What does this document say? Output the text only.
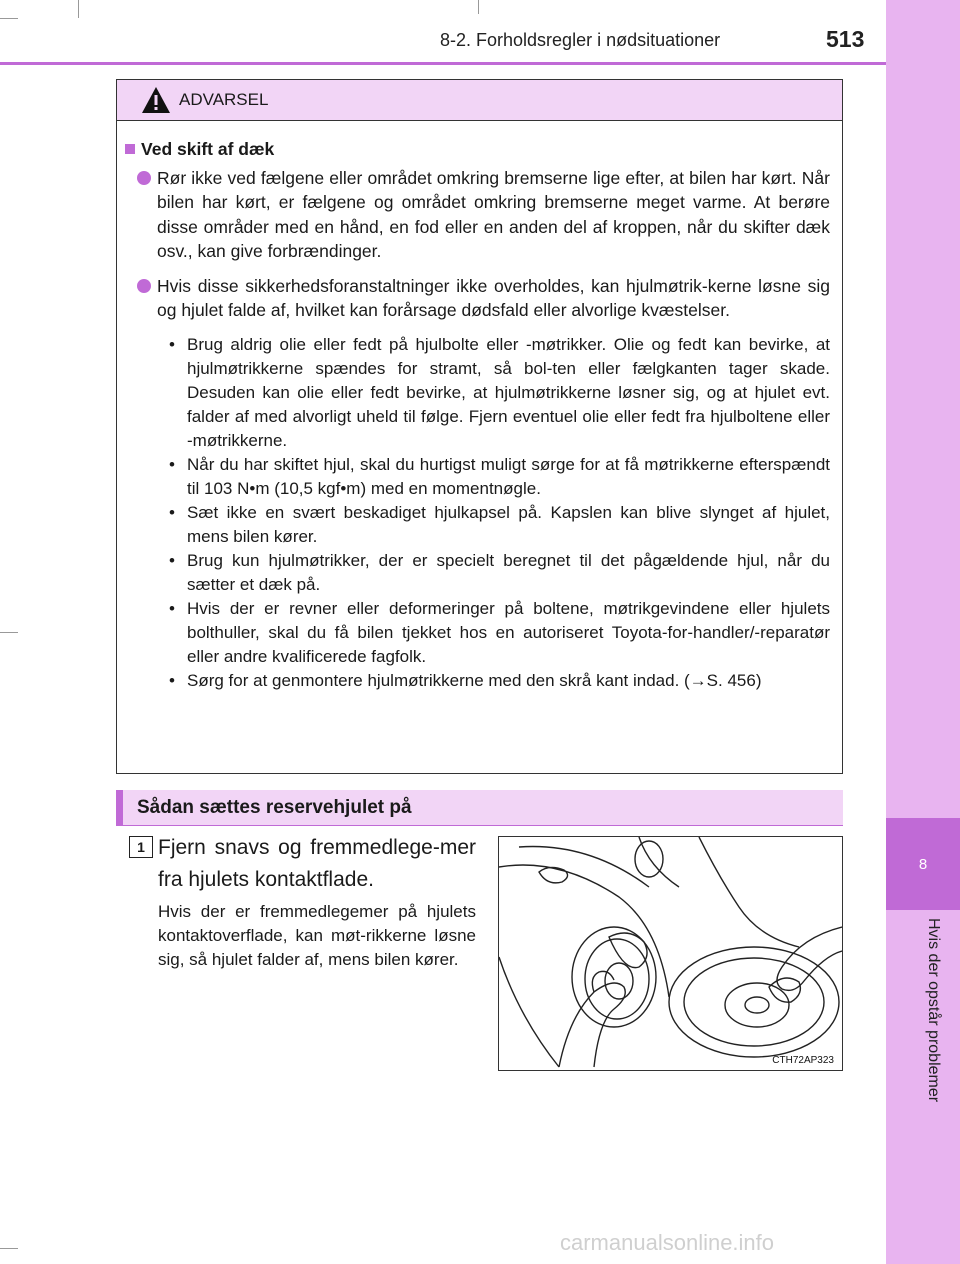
8
Hvis der opstår problemer
8-2. Forholdsregler i nødsituationer	513
ADVARSEL
Ved skift af dæk
Rør ikke ved fælgene eller området omkring bremserne lige efter, at bilen har kørt. Når bilen har kørt, er fælgene og området omkring bremserne meget varme. At berøre disse områder med en hånd, en fod eller en anden del af kroppen, når du skifter dæk osv., kan give forbrændinger.
Hvis disse sikkerhedsforanstaltninger ikke overholdes, kan hjulmøtrik-kerne løsne sig og hjulet falde af, hvilket kan forårsage dødsfald eller alvorlige kvæstelser.
• Brug aldrig olie eller fedt på hjulbolte eller -møtrikker. Olie og fedt kan bevirke, at hjulmøtrikkerne spændes for stramt, så bol-ten eller fælgkanten tager skade. Desuden kan olie eller fedt bevirke, at hjulmøtrikkerne løsner sig, og at hjulet evt. falder af med alvorligt uheld til følge. Fjern eventuel olie eller fedt fra hjulboltene eller -møtrikkerne.
• Når du har skiftet hjul, skal du hurtigst muligt sørge for at få møtrikkerne efterspændt til 103 N•m (10,5 kgf•m) med en momentnøgle.
• Sæt ikke en svært beskadiget hjulkapsel på. Kapslen kan blive slynget af hjulet, mens bilen kører.
• Brug kun hjulmøtrikker, der er specielt beregnet til det pågældende hjul, når du sætter et dæk på.
• Hvis der er revner eller deformeringer på boltene, møtrikgevindene eller hjulets bolthuller, skal du få bilen tjekket hos en autoriseret Toyota-for-handler/-reparatør eller andre kvalificerede fagfolk.
• Sørg for at genmontere hjulmøtrikkerne med den skrå kant indad. (→S. 456)
Sådan sættes reservehjulet på
1 Fjern snavs og fremmedlege-mer fra hjulets kontaktflade.
Hvis der er fremmedlegemer på hjulets kontaktoverflade, kan møt-rikkerne løsne sig, så hjulet falder af, mens bilen kører.
CTH72AP323
carmanualsonline.info
